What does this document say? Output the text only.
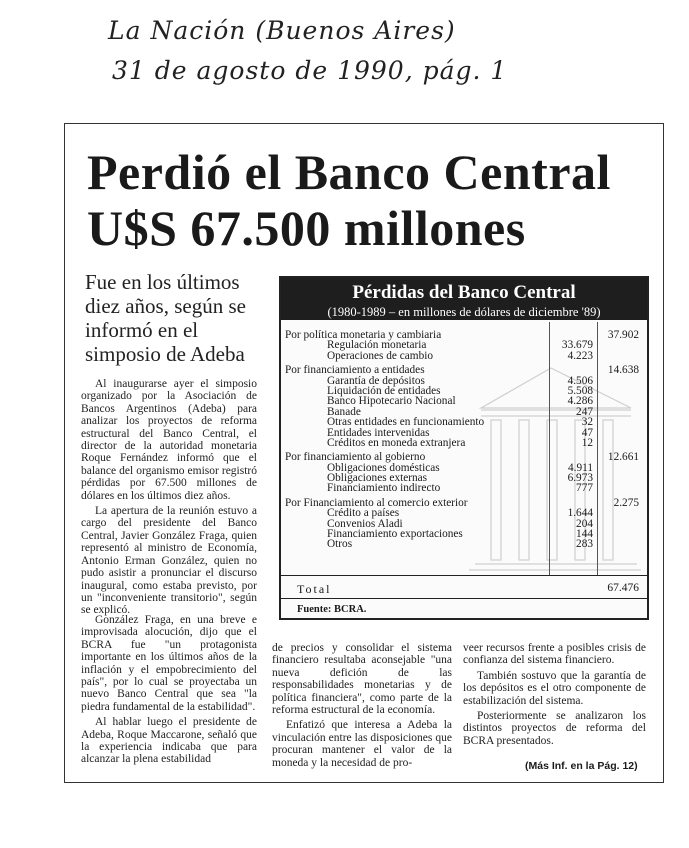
La Nación (Buenos Aires)
31 de agosto de 1990, pág. 1
Perdió el Banco Central
U$S 67.500 millones
Fue en los últimos diez años, según se informó en el simposio de Adeba

Al inaugurarse ayer el simposio organizado por la Asociación de Bancos Argentinos (Adeba) para analizar los proyectos de reforma estructural del Banco Central, el director de la autoridad monetaria Roque Fernández informó que el balance del organismo emisor registró pérdidas por 67.500 millones de dólares en los últimos diez años.

La apertura de la reunión estuvo a cargo del presidente del Banco Central, Javier González Fraga, quien representó al ministro de Economía, Antonio Erman González, quien no pudo asistir a pronunciar el discurso inaugural, como estaba previsto, por un "inconveniente transitorio", según se explicó.

González Fraga, en una breve e improvisada alocución, dijo que el BCRA fue "un protagonista importante en los últimos años de la inflación y el empobrecimiento del país", por lo cual se proyectaba un nuevo Banco Central que sea "la piedra fundamental de la estabilidad".

Al hablar luego el presidente de Adeba, Roque Maccarone, señaló que la experiencia indicaba que para alcanzar la plena estabilidad

de precios y consolidar el sistema financiero resultaba aconsejable "una nueva defición de las responsabilidades monetarias y de política financiera", como parte de la reforma estructural de la economía.

Enfatizó que interesa a Adeba la vinculación entre las disposiciones que procuran mantener el valor de la moneda y la necesidad de pro-

veer recursos frente a posibles crisis de confianza del sistema financiero.

También sostuvo que la garantía de los depósitos es el otro componente de estabilización del sistema.

Posteriormente se analizaron los distintos proyectos de reforma del BCRA presentados.

(Más Inf. en la Pág. 12)
Pérdidas del Banco Central
(1980-1989 – en millones de dólares de diciembre '89)
Por política monetaria y cambiaria	37.902
Regulación monetaria	33.679
Operaciones de cambio	4.223
Por financiamiento a entidades	14.638
Garantía de depósitos	4.506
Liquidación de entidades	5.508
Banco Hipotecario Nacional	4.286
Banade	247
Otras entidades en funcionamiento	32
Entidades intervenidas	47
Créditos en moneda extranjera	12
Por financiamiento al gobierno	12.661
Obligaciones domésticas	4.911
Obligaciones externas	6.973
Financiamiento indirecto	777
Por Financiamiento al comercio exterior	2.275
Crédito a países	1.644
Convenios Aladi	204
Financiamiento exportaciones	144
Otros	283
Total	67.476
Fuente: BCRA.
